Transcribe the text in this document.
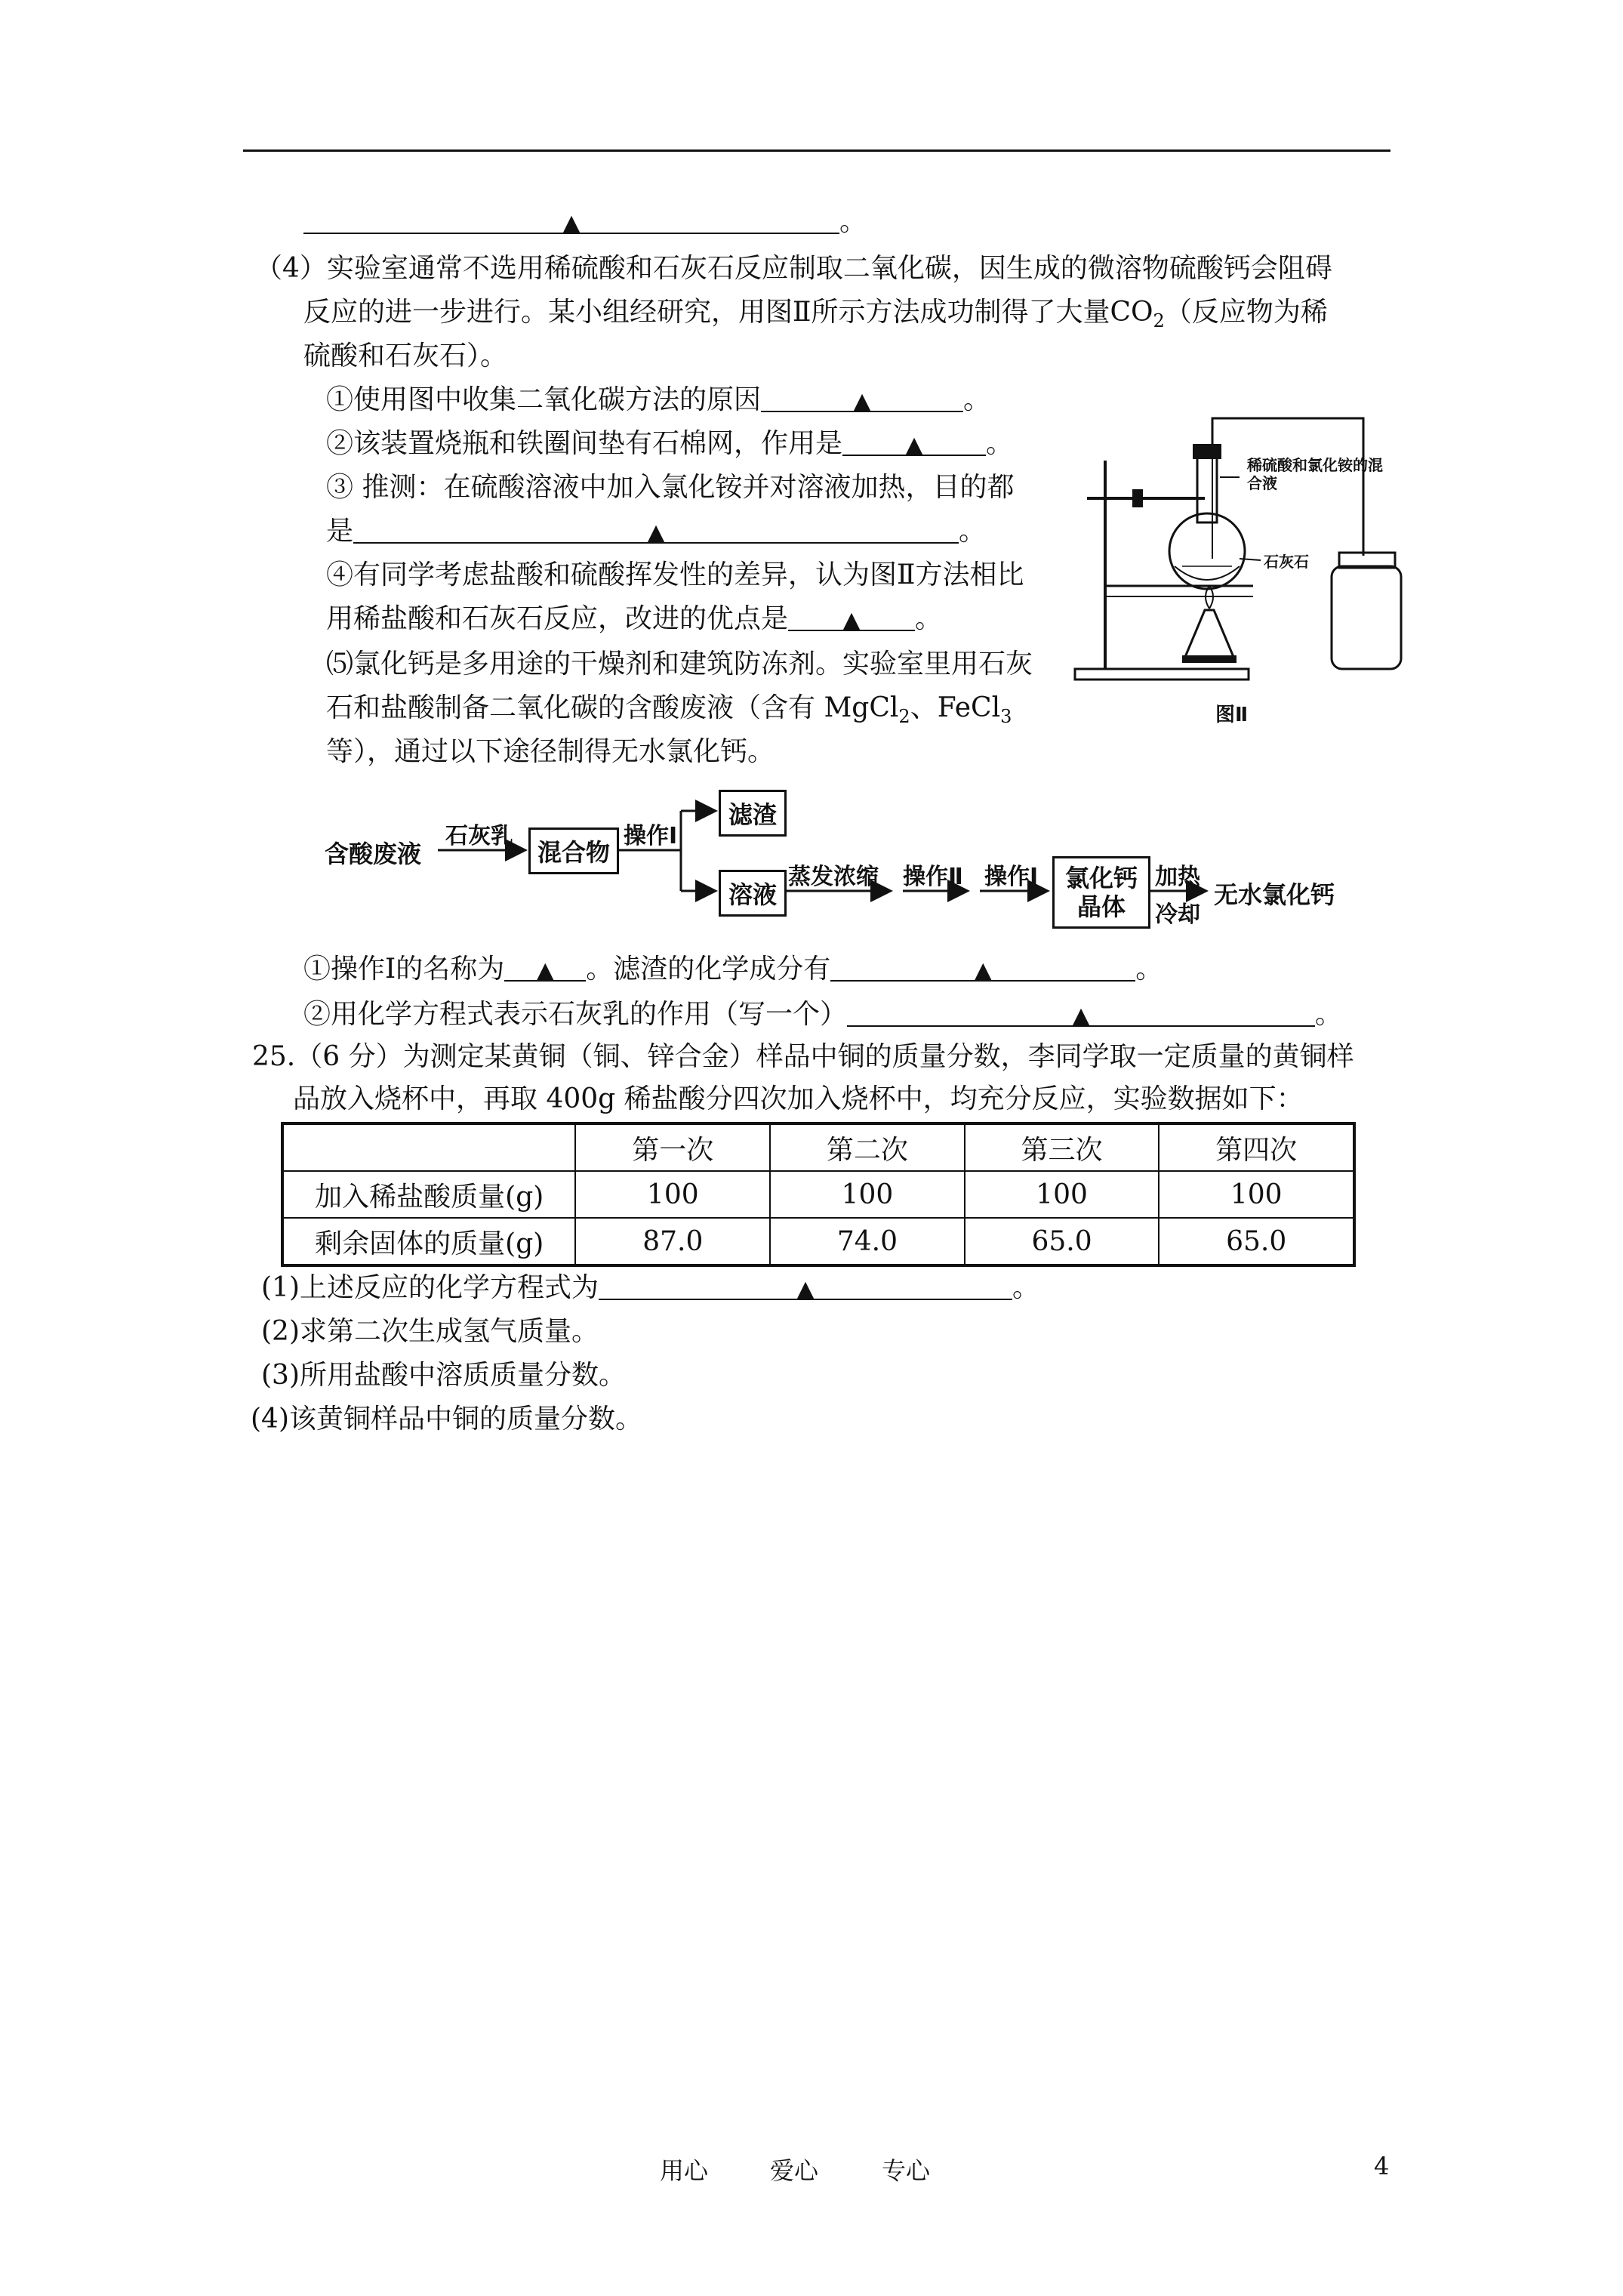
▲	。
（4）实验室通常不选用稀硫酸和石灰石反应制取二氧化碳，因生成的微溶物硫酸钙会阻碍
反应的进一步进行。某小组经研究，用图Ⅱ所示方法成功制得了大量$CO_2$（反应物为稀
硫酸和石灰石）。
①使用图中收集二氧化碳方法的原因	▲	。
②该装置烧瓶和铁圈间垫有石棉网，作用是	▲ 。
③ 推测：在硫酸溶液中加入氯化铵并对溶液加热，目的都
是	▲	。
④有同学考虑盐酸和硫酸挥发性的差异，认为图Ⅱ方法相比
用稀盐酸和石灰石反应，改进的优点是 ▲ 。
⑸氯化钙是多用途的干燥剂和建筑防冻剂。实验室里用石灰
石和盐酸制备二氧化碳的含酸废液（含有 MgCl$_2$、FeCl$_3$
等），通过以下途径制得无水氯化钙。
稀硫酸和氯化铵的混合液
石灰石
图Ⅱ
含酸废液
石灰乳
混合物
操作Ⅰ
滤渣
溶液
蒸发浓缩 操作Ⅱ 操作Ⅰ 氯化钙
晶体
加热
冷却
无水氯化钙
①操作Ⅰ的名称为 ▲ 。滤渣的化学成分有	▲	。
②用化学方程式表示石灰乳的作用（写一个）	▲	。
25.（6 分）为测定某黄铜（铜、锌合金）样品中铜的质量分数，李同学取一定质量的黄铜样
品放入烧杯中，再取 400g 稀盐酸分四次加入烧杯中，均充分反应，实验数据如下：
	第一次	第二次	第三次	第四次
加入稀盐酸质量(g)	100	100	100	100
剩余固体的质量(g)	87.0	74.0	65.0	65.0
(1)上述反应的化学方程式为	▲	。
(2)求第二次生成氢气质量。
(3)所用盐酸中溶质质量分数。
(4)该黄铜样品中铜的质量分数。
用心	爱心	专心	4
